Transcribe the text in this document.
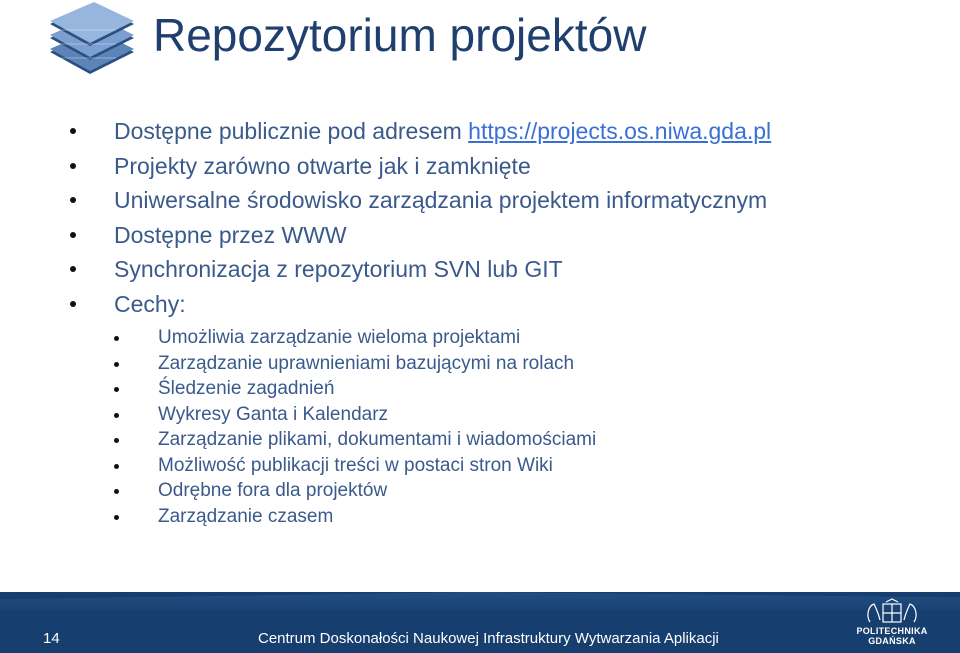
Repozytorium projektów
Dostępne publicznie pod adresem https://projects.os.niwa.gda.pl
Projekty zarówno otwarte jak i zamknięte
Uniwersalne środowisko zarządzania projektem informatycznym
Dostępne przez WWW
Synchronizacja z repozytorium SVN lub GIT
Cechy:
Umożliwia zarządzanie wieloma projektami
Zarządzanie uprawnieniami bazującymi na rolach
Śledzenie zagadnień
Wykresy Ganta i Kalendarz
Zarządzanie plikami, dokumentami i wiadomościami
Możliwość publikacji treści w postaci stron Wiki
Odrębne fora dla projektów
Zarządzanie czasem
14	Centrum Doskonałości Naukowej Infrastruktury Wytwarzania Aplikacji	POLITECHNIKA
GDAŃSKA
